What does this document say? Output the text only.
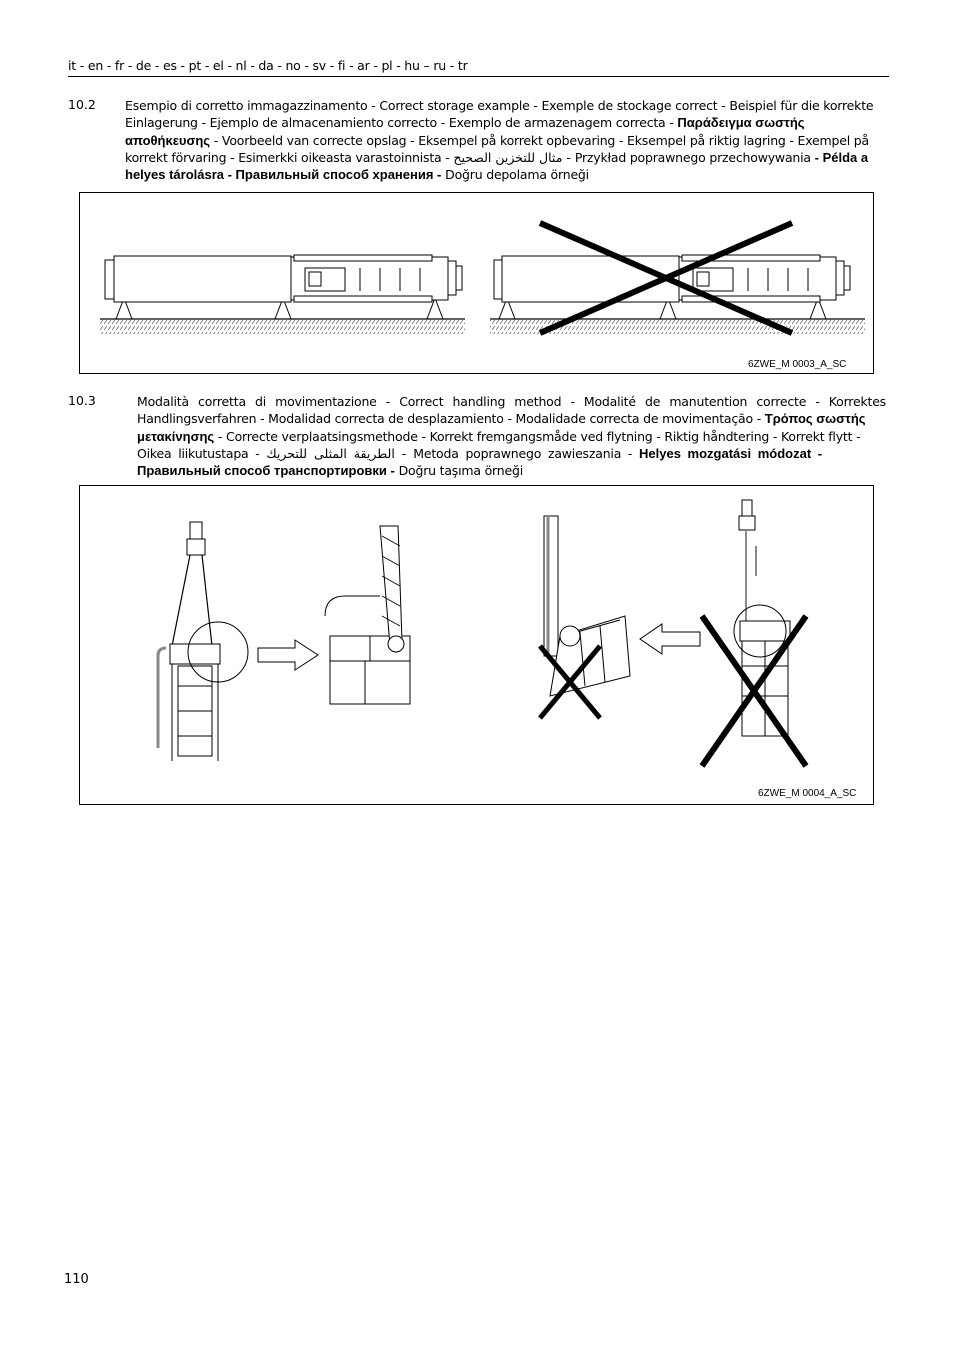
it - en - fr - de - es - pt - el - nl - da - no - sv - fi - ar - pl - hu – ru - tr
10.2 Esempio di corretto immagazzinamento - Correct storage example - Exemple de stockage correct - Beispiel für die korrekte
Einlagerung - Ejemplo de almacenamiento correcto - Exemplo de armazenagem correcta - Παράδειγμα σωστής
αποθήκευσης - Voorbeeld van correcte opslag - Eksempel på korrekt opbevaring - Eksempel på riktig lagring - Exempel på
korrekt förvaring - Esimerkki oikeasta varastoinnista - مثال للتخزين الصحيح - Przykład poprawnego przechowywania - Példa a
helyes tárolásra - Правильный способ хранения - Doğru depolama örneği
6ZWE_M 0003_A_SC
10.3	Modalità corretta di movimentazione - Correct handling method - Modalité de manutention correcte - Korrektes
Handlingsverfahren - Modalidad correcta de desplazamiento - Modalidade correcta de movimentação - Τρόπος σωστής
μετακίνησης - Correcte verplaatsingsmethode - Korrekt fremgangsmåde ved flytning - Riktig håndtering - Korrekt flytt -
Oikea liikutustapa - الطريقة المثلى للتحريك - Metoda poprawnego zawieszania - Helyes mozgatási módozat -
Правильный способ транспортировки - Doğru taşıma örneği
6ZWE_M 0004_A_SC
110
